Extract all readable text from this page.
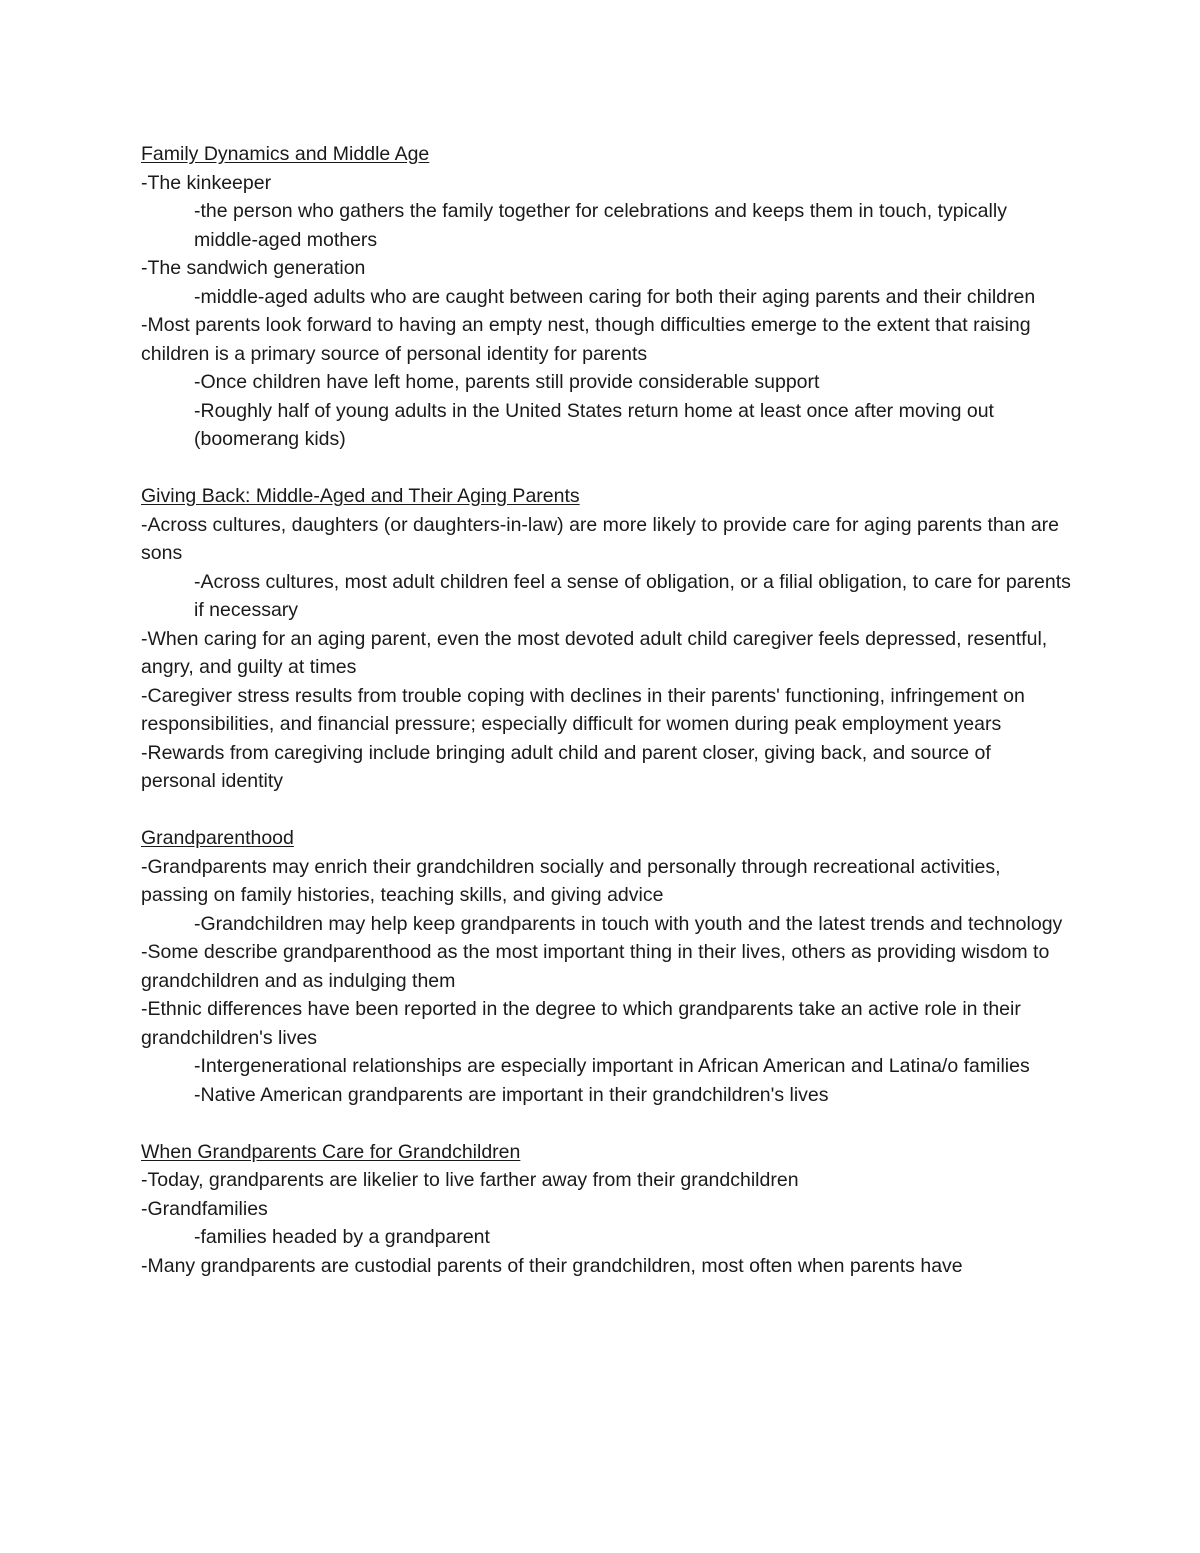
Family Dynamics and Middle Age

-The kinkeeper

-the person who gathers the family together for celebrations and keeps them in touch, typically middle-aged mothers

-The sandwich generation

-middle-aged adults who are caught between caring for both their aging parents and their children

-Most parents look forward to having an empty nest, though difficulties emerge to the extent that raising children is a primary source of personal identity for parents

-Once children have left home, parents still provide considerable support

-Roughly half of young adults in the United States return home at least once after moving out (boomerang kids)

Giving Back: Middle-Aged and Their Aging Parents

-Across cultures, daughters (or daughters-in-law) are more likely to provide care for aging parents than are sons

-Across cultures, most adult children feel a sense of obligation, or a filial obligation, to care for parents if necessary

-When caring for an aging parent, even the most devoted adult child caregiver feels depressed, resentful, angry, and guilty at times

-Caregiver stress results from trouble coping with declines in their parents' functioning, infringement on responsibilities, and financial pressure; especially difficult for women during peak employment years

-Rewards from caregiving include bringing adult child and parent closer, giving back, and source of personal identity

Grandparenthood

-Grandparents may enrich their grandchildren socially and personally through recreational activities, passing on family histories, teaching skills, and giving advice

-Grandchildren may help keep grandparents in touch with youth and the latest trends and technology

-Some describe grandparenthood as the most important thing in their lives, others as providing wisdom to grandchildren and as indulging them

-Ethnic differences have been reported in the degree to which grandparents take an active role in their grandchildren's lives

-Intergenerational relationships are especially important in African American and Latina/o families

-Native American grandparents are important in their grandchildren's lives

When Grandparents Care for Grandchildren

-Today, grandparents are likelier to live farther away from their grandchildren

-Grandfamilies

-families headed by a grandparent

-Many grandparents are custodial parents of their grandchildren, most often when parents have
